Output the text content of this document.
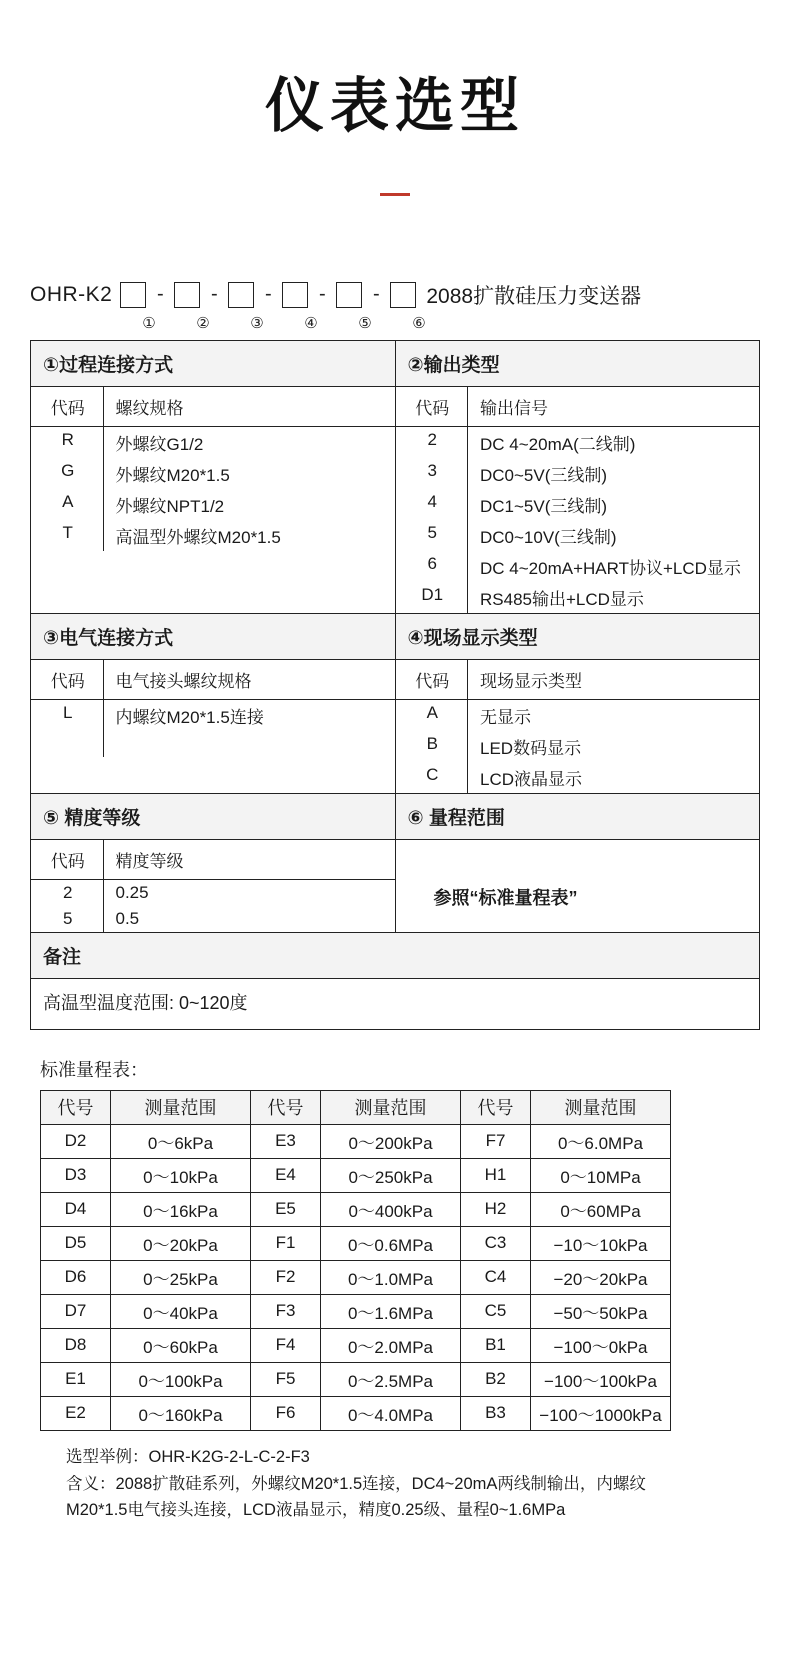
仪表选型
OHR-K2	-	-	-	-	-	2088扩散硅压力变送器
①	②	③	④	⑤	⑥
①过程连接方式
代码	螺纹规格
R	外螺纹G1/2
G	外螺纹M20*1.5
A	外螺纹NPT1/2
T	高温型外螺纹M20*1.5

②输出类型
代码	输出信号
2	DC 4~20mA(二线制)
3	DC0~5V(三线制)
4	DC1~5V(三线制)
5	DC0~10V(三线制)
6	DC 4~20mA+HART协议+LCD显示
D1	RS485输出+LCD显示

③电气连接方式
代码	电气接头螺纹规格
L	内螺纹M20*1.5连接

④现场显示类型
代码	现场显示类型
A	无显示
B	LED数码显示
C	LCD液晶显示

⑤ 精度等级
代码	精度等级
2	0.25
5	0.5

⑥ 量程范围
参照“标准量程表”

备注
高温型温度范围: 0~120度
标准量程表：
代号	测量范围	代号	测量范围	代号	测量范围
D2	0～6kPa	E3	0～200kPa	F7	0～6.0MPa
D3	0～10kPa	E4	0～250kPa	H1	0～10MPa
D4	0～16kPa	E5	0～400kPa	H2	0～60MPa
D5	0～20kPa	F1	0～0.6MPa	C3	−10～10kPa
D6	0～25kPa	F2	0～1.0MPa	C4	−20～20kPa
D7	0～40kPa	F3	0～1.6MPa	C5	−50～50kPa
D8	0～60kPa	F4	0～2.0MPa	B1	−100～0kPa
E1	0～100kPa	F5	0～2.5MPa	B2	−100～100kPa
E2	0～160kPa	F6	0～4.0MPa	B3	−100～1000kPa
选型举例：OHR-K2G-2-L-C-2-F3
含义：2088扩散硅系列，外螺纹M20*1.5连接，DC4~20mA两线制输出，内螺纹
M20*1.5电气接头连接，LCD液晶显示，精度0.25级、量程0~1.6MPa
